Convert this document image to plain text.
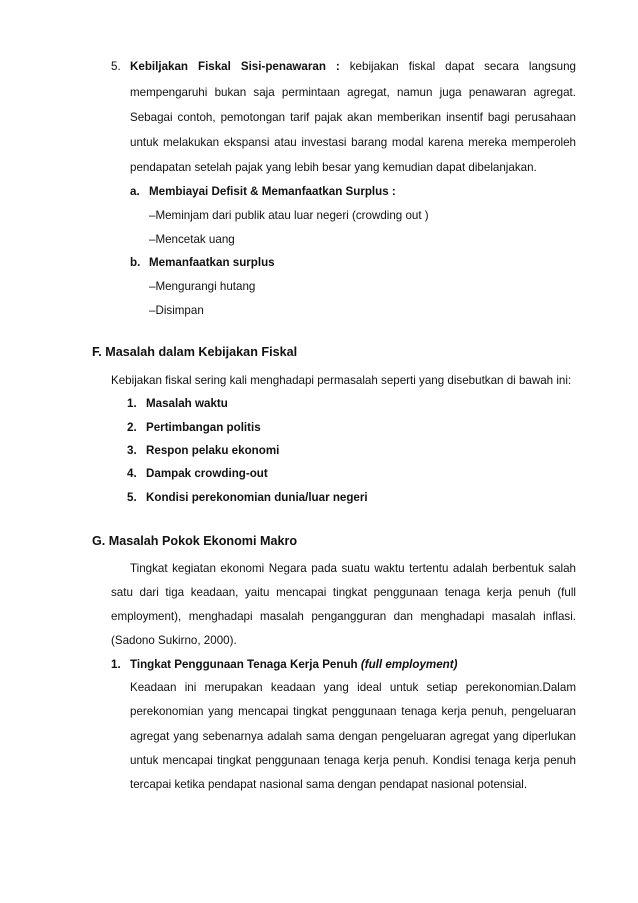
5. Kebiljakan Fiskal Sisi-penawaran : kebijakan fiskal dapat secara langsung
mempengaruhi bukan saja permintaan agregat, namun juga penawaran agregat.
Sebagai contoh, pemotongan tarif pajak akan memberikan insentif bagi perusahaan
untuk melakukan ekspansi atau investasi barang modal karena mereka memperoleh
pendapatan setelah pajak yang lebih besar yang kemudian dapat dibelanjakan.
a. Membiayai Defisit & Memanfaatkan Surplus :
–Meminjam dari publik atau luar negeri (crowding out )
–Mencetak uang
b. Memanfaatkan surplus
–Mengurangi hutang
–Disimpan
F. Masalah dalam Kebijakan Fiskal
Kebijakan fiskal sering kali menghadapi permasalah seperti yang disebutkan di bawah ini:
1. Masalah waktu
2. Pertimbangan politis
3. Respon pelaku ekonomi
4. Dampak crowding-out
5. Kondisi perekonomian dunia/luar negeri
G. Masalah Pokok Ekonomi Makro
Tingkat kegiatan ekonomi Negara pada suatu waktu tertentu adalah berbentuk salah
satu dari tiga keadaan, yaitu mencapai tingkat penggunaan tenaga kerja penuh (full
employment), menghadapi masalah pengangguran dan menghadapi masalah inflasi.
(Sadono Sukirno, 2000).
1. Tingkat Penggunaan Tenaga Kerja Penuh (full employment)
Keadaan ini merupakan keadaan yang ideal untuk setiap perekonomian.Dalam
perekonomian yang mencapai tingkat penggunaan tenaga kerja penuh, pengeluaran
agregat yang sebenarnya adalah sama dengan pengeluaran agregat yang diperlukan
untuk mencapai tingkat penggunaan tenaga kerja penuh. Kondisi tenaga kerja penuh
tercapai ketika pendapat nasional sama dengan pendapat nasional potensial.
